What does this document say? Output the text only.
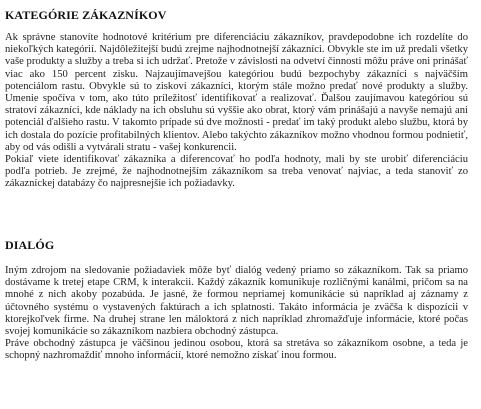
KATEGÓRIE ZÁKAZNÍKOV
Ak správne stanovíte hodnotové kritérium pre diferenciáciu zákazníkov, pravdepodobne ich rozdelíte do niekoľkých kategórií. Najdôležitejší budú zrejme najhodnotnejší zákazníci. Obvykle ste im už predali všetky vaše produkty a služby a treba si ich udržať. Pretože v závislosti na odvetví činnosti môžu práve oni prinášať viac ako 150 percent zisku. Najzaujímavejšou kategóriou budú bezpochyby zákazníci s najväčším potenciálom rastu. Obvykle sú to ziskoví zákazníci, ktorým stále možno predať nové produkty a služby. Umenie spočíva v tom, ako túto príležitosť identifikovať a realizovať. Ďalšou zaujímavou kategóriou sú stratoví zákazníci, kde náklady na ich obsluhu sú vyššie ako obrat, ktorý vám prinášajú a navyše nemajú ani potenciál ďalšieho rastu. V takomto prípade sú dve možnosti - predať im taký produkt alebo službu, ktorá by ich dostala do pozície profitabilných klientov. Alebo takýchto zákazníkov možno vhodnou formou podnietiť, aby od vás odišli a vytvárali stratu - vašej konkurencii.
Pokiaľ viete identifikovať zákazníka a diferencovať ho podľa hodnoty, mali by ste urobiť diferenciáciu podľa potrieb. Je zrejmé, že najhodnotnejším zákazníkom sa treba venovať najviac, a teda stanoviť zo zákazníckej databázy čo najpresnejšie ich požiadavky.
DIALÓG
Iným zdrojom na sledovanie požiadaviek môže byť dialóg vedený priamo so zákazníkom. Tak sa priamo dostávame k tretej etape CRM, k interakcii. Každý zákazník komunikuje rozličnými kanálmi, pričom sa na mnohé z nich akoby pozabúda. Je jasné, že formou nepriamej komunikácie sú napríklad aj záznamy z účtovného systému o vystavených faktúrach a ich splatnosti. Takáto informácia je zväčša k dispozícii v ktorejkoľvek firme. Na druhej strane len máloktorá z nich napríklad zhromažďuje informácie, ktoré počas svojej komunikácie so zákazníkom nazbiera obchodný zástupca.
Práve obchodný zástupca je väčšinou jedinou osobou, ktorá sa stretáva so zákazníkom osobne, a teda je schopný nazhromaždiť mnoho informácií, ktoré nemožno získať inou formou.
